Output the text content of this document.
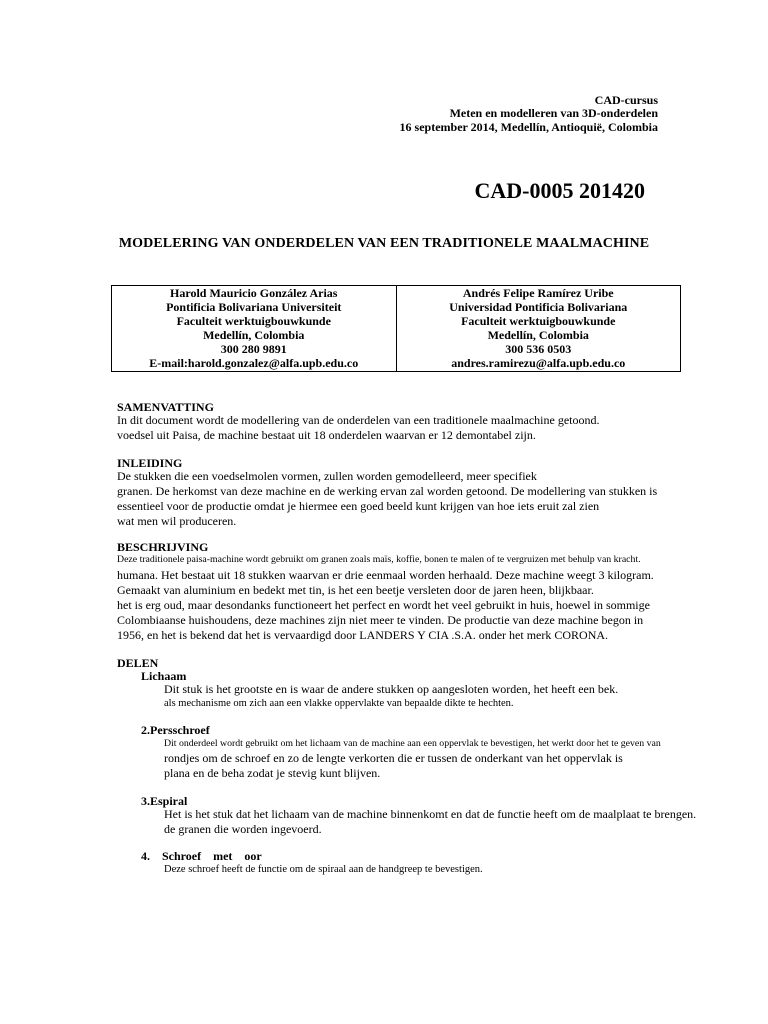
CAD-cursus
Meten en modelleren van 3D-onderdelen
16 september 2014, Medellín, Antioquië, Colombia
CAD-0005 201420
MODELERING VAN ONDERDELEN VAN EEN TRADITIONELE MAALMACHINE
Harold Mauricio González Arias
Pontificia Bolivariana Universiteit
Faculteit werktuigbouwkunde
Medellín, Colombia
300 280 9891
E-mail:harold.gonzalez@alfa.upb.edu.co
Andrés Felipe Ramírez Uribe
Universidad Pontificia Bolivariana
Faculteit werktuigbouwkunde
Medellín, Colombia
300 536 0503
andres.ramirezu@alfa.upb.edu.co
SAMENVATTING
In dit document wordt de modellering van de onderdelen van een traditionele maalmachine getoond.
voedsel uit Paisa, de machine bestaat uit 18 onderdelen waarvan er 12 demontabel zijn.
INLEIDING
De stukken die een voedselmolen vormen, zullen worden gemodelleerd, meer specifiek
granen. De herkomst van deze machine en de werking ervan zal worden getoond. De modellering van stukken is
essentieel voor de productie omdat je hiermee een goed beeld kunt krijgen van hoe iets eruit zal zien
wat men wil produceren.
BESCHRIJVING
Deze traditionele paisa-machine wordt gebruikt om granen zoals maïs, koffie, bonen te malen of te vergruizen met behulp van kracht.
humana. Het bestaat uit 18 stukken waarvan er drie eenmaal worden herhaald. Deze machine weegt 3 kilogram.
Gemaakt van aluminium en bedekt met tin, is het een beetje versleten door de jaren heen, blijkbaar.
het is erg oud, maar desondanks functioneert het perfect en wordt het veel gebruikt in huis, hoewel in sommige
Colombiaanse huishoudens, deze machines zijn niet meer te vinden. De productie van deze machine begon in
1956, en het is bekend dat het is vervaardigd door LANDERS Y CIA .S.A. onder het merk CORONA.
DELEN
Lichaam
Dit stuk is het grootste en is waar de andere stukken op aangesloten worden, het heeft een bek.
als mechanisme om zich aan een vlakke oppervlakte van bepaalde dikte te hechten.
2.Persschroef
Dit onderdeel wordt gebruikt om het lichaam van de machine aan een oppervlak te bevestigen, het werkt door het te geven van
rondjes om de schroef en zo de lengte verkorten die er tussen de onderkant van het oppervlak is
plana en de beha zodat je stevig kunt blijven.
3.Espiral
Het is het stuk dat het lichaam van de machine binnenkomt en dat de functie heeft om de maalplaat te brengen.
de granen die worden ingevoerd.
4.    Schroef    met    oor
Deze schroef heeft de functie om de spiraal aan de handgreep te bevestigen.
